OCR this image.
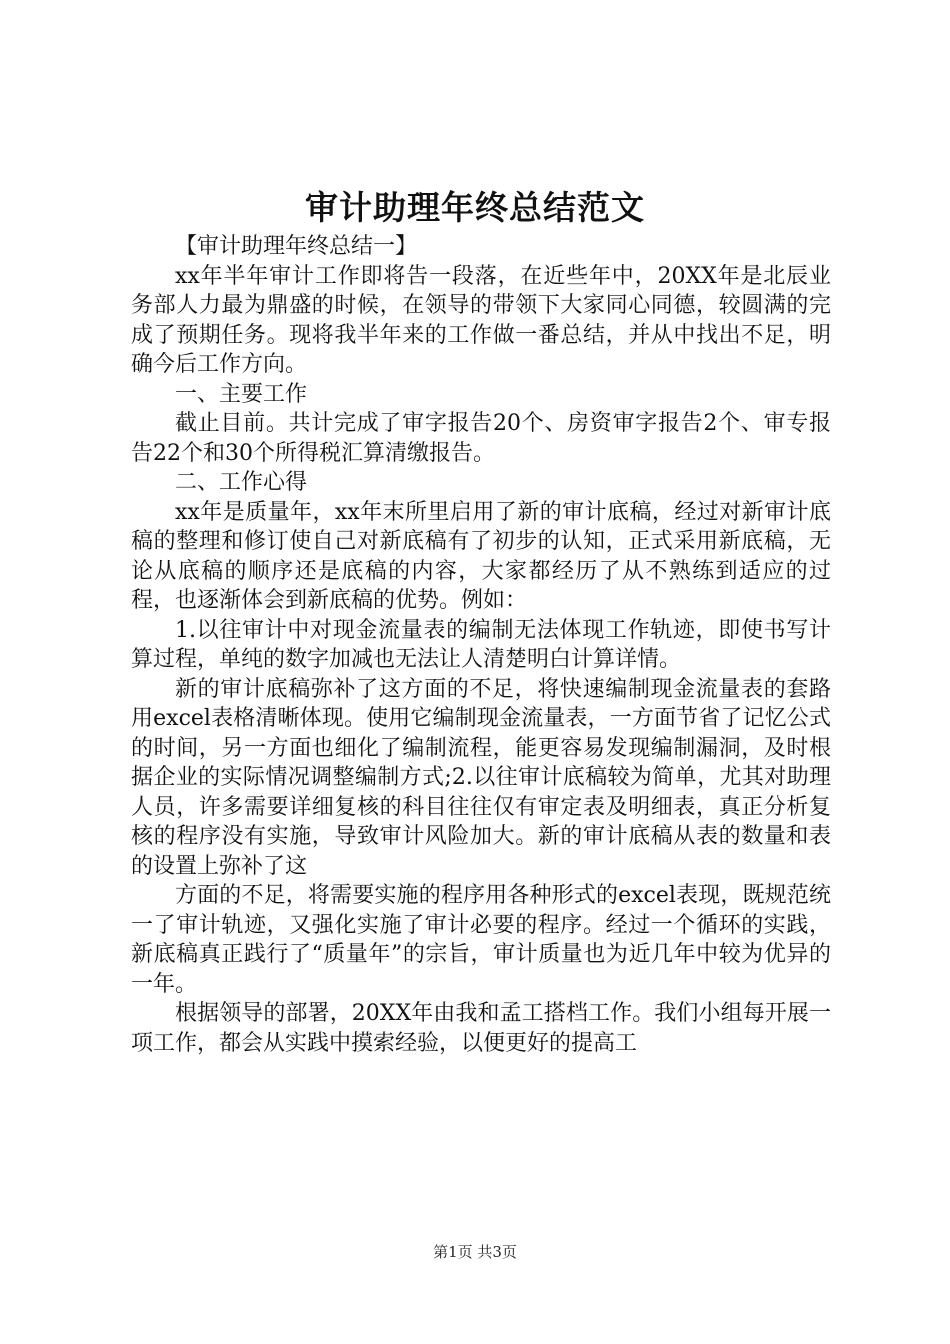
审计助理年终总结范文

【审计助理年终总结一】

xx年半年审计工作即将告一段落，在近些年中，20XX年是北辰业务部人力最为鼎盛的时候，在领导的带领下大家同心同德，较圆满的完成了预期任务。现将我半年来的工作做一番总结，并从中找出不足，明确今后工作方向。

一、主要工作

截止目前。共计完成了审字报告20个、房资审字报告2个、审专报告22个和30个所得税汇算清缴报告。

二、工作心得

xx年是质量年，xx年末所里启用了新的审计底稿，经过对新审计底稿的整理和修订使自己对新底稿有了初步的认知，正式采用新底稿，无论从底稿的顺序还是底稿的内容，大家都经历了从不熟练到适应的过程，也逐渐体会到新底稿的优势。例如：

1.以往审计中对现金流量表的编制无法体现工作轨迹，即使书写计算过程，单纯的数字加减也无法让人清楚明白计算详情。

新的审计底稿弥补了这方面的不足，将快速编制现金流量表的套路用excel表格清晰体现。使用它编制现金流量表，一方面节省了记忆公式的时间，另一方面也细化了编制流程，能更容易发现编制漏洞，及时根据企业的实际情况调整编制方式;2.以往审计底稿较为简单，尤其对助理人员，许多需要详细复核的科目往往仅有审定表及明细表，真正分析复核的程序没有实施，导致审计风险加大。新的审计底稿从表的数量和表的设置上弥补了这

方面的不足，将需要实施的程序用各种形式的excel表现，既规范统一了审计轨迹，又强化实施了审计必要的程序。经过一个循环的实践，新底稿真正践行了“质量年”的宗旨，审计质量也为近几年中较为优异的一年。

根据领导的部署，20XX年由我和孟工搭档工作。我们小组每开展一项工作，都会从实践中摸索经验，以便更好的提高工

第1页 共3页
